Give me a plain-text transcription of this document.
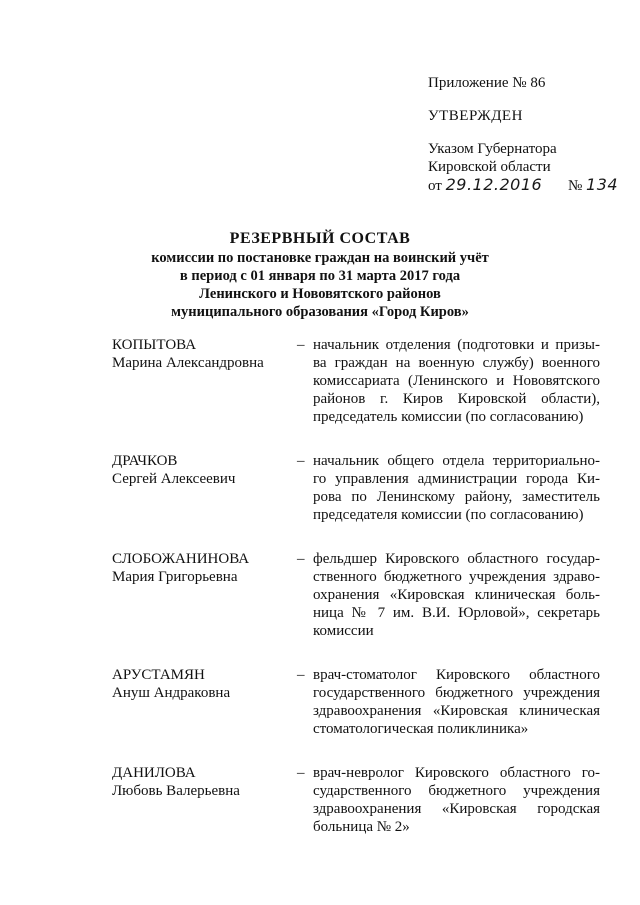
Приложение № 86
УТВЕРЖДЕН
Указом Губернатора
Кировской области
от 29.12.2016 № 134
РЕЗЕРВНЫЙ СОСТАВ
комиссии по постановке граждан на воинский учёт
в период с 01 января по 31 марта 2017 года
Ленинского и Нововятского районов
муниципального образования «Город Киров»
КОПЫТОВА
Марина Александровна
– начальник отделения (подготовки и призы-
ва граждан на военную службу) военного
комиссариата (Ленинского и Нововятского
районов г. Киров Кировской области),
председатель комиссии (по согласованию)
ДРАЧКОВ
Сергей Алексеевич
– начальник общего отдела территориально-
го управления администрации города Ки-
рова по Ленинскому району, заместитель
председателя комиссии (по согласованию)
СЛОБОЖАНИНОВА
Мария Григорьевна
– фельдшер Кировского областного государ-
ственного бюджетного учреждения здраво-
охранения «Кировская клиническая боль-
ница № 7 им. В.И. Юрловой», секретарь
комиссии
АРУСТАМЯН
Ануш Андраковна
– врач-стоматолог Кировского областного
государственного бюджетного учреждения
здравоохранения «Кировская клиническая
стоматологическая поликлиника»
ДАНИЛОВА
Любовь Валерьевна
– врач-невролог Кировского областного го-
сударственного бюджетного учреждения
здравоохранения «Кировская городская
больница № 2»
